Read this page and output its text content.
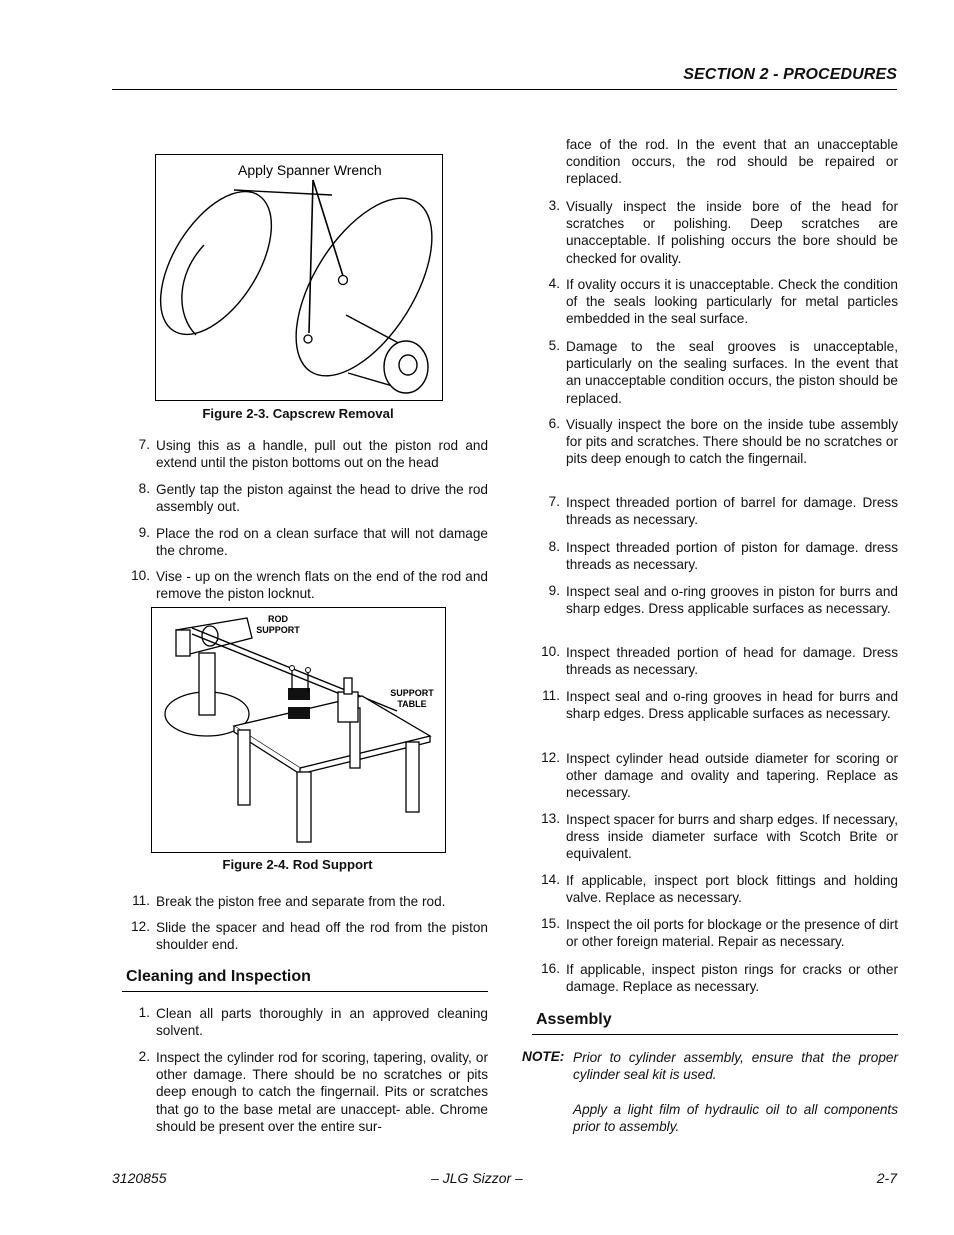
SECTION 2 - PROCEDURES
Apply Spanner Wrench
Figure 2-3. Capscrew Removal
7. Using this as a handle, pull out the piston rod and extend until the piston bottoms out on the head
8. Gently tap the piston against the head to drive the rod assembly out.
9. Place the rod on a clean surface that will not damage the chrome.
10. Vise - up on the wrench flats on the end of the rod and remove the piston locknut.
ROD
SUPPORT
SUPPORT
TABLE
Figure 2-4. Rod Support
11. Break the piston free and separate from the rod.
12. Slide the spacer and head off the rod from the piston shoulder end.
Cleaning and Inspection
1. Clean all parts thoroughly in an approved cleaning solvent.
2. Inspect the cylinder rod for scoring, tapering, ovality, or other damage. There should be no scratches or pits deep enough to catch the fingernail. Pits or scratches that go to the base metal are unaccept- able. Chrome should be present over the entire sur-
face of the rod. In the event that an unacceptable condition occurs, the rod should be repaired or replaced.
3. Visually inspect the inside bore of the head for scratches or polishing. Deep scratches are unacceptable. If polishing occurs the bore should be checked for ovality.
4. If ovality occurs it is unacceptable. Check the condition of the seals looking particularly for metal particles embedded in the seal surface.
5. Damage to the seal grooves is unacceptable, particularly on the sealing surfaces. In the event that an unacceptable condition occurs, the piston should be replaced.
6. Visually inspect the bore on the inside tube assembly for pits and scratches. There should be no scratches or pits deep enough to catch the fingernail.
7. Inspect threaded portion of barrel for damage. Dress threads as necessary.
8. Inspect threaded portion of piston for damage. dress threads as necessary.
9. Inspect seal and o-ring grooves in piston for burrs and sharp edges. Dress applicable surfaces as necessary.
10. Inspect threaded portion of head for damage. Dress threads as necessary.
11. Inspect seal and o-ring grooves in head for burrs and sharp edges. Dress applicable surfaces as necessary.
12. Inspect cylinder head outside diameter for scoring or other damage and ovality and tapering. Replace as necessary.
13. Inspect spacer for burrs and sharp edges. If necessary, dress inside diameter surface with Scotch Brite or equivalent.
14. If applicable, inspect port block fittings and holding valve. Replace as necessary.
15. Inspect the oil ports for blockage or the presence of dirt or other foreign material. Repair as necessary.
16. If applicable, inspect piston rings for cracks or other damage. Replace as necessary.
Assembly
NOTE: Prior to cylinder assembly, ensure that the proper cylinder seal kit is used.
Apply a light film of hydraulic oil to all components prior to assembly.
3120855	– JLG Sizzor –	2-7
